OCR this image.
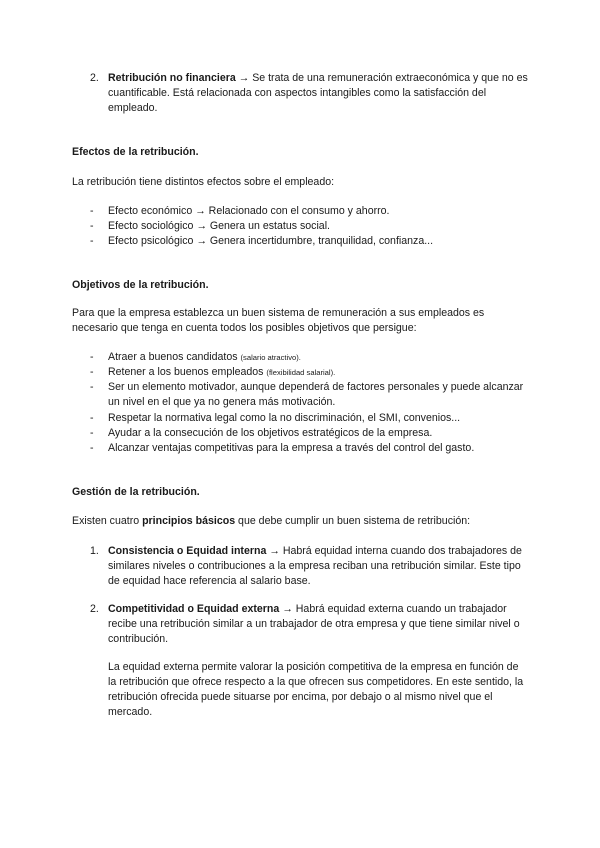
2. Retribución no financiera → Se trata de una remuneración extraeconómica y que no es cuantificable. Está relacionada con aspectos intangibles como la satisfacción del empleado.

Efectos de la retribución.

La retribución tiene distintos efectos sobre el empleado:

- Efecto económico → Relacionado con el consumo y ahorro.

- Efecto sociológico → Genera un estatus social.

- Efecto psicológico → Genera incertidumbre, tranquilidad, confianza...

Objetivos de la retribución.

Para que la empresa establezca un buen sistema de remuneración a sus empleados es necesario que tenga en cuenta todos los posibles objetivos que persigue:

- Atraer a buenos candidatos (salario atractivo).

- Retener a los buenos empleados (flexibilidad salarial).

- Ser un elemento motivador, aunque dependerá de factores personales y puede alcanzar un nivel en el que ya no genera más motivación.

- Respetar la normativa legal como la no discriminación, el SMI, convenios...

- Ayudar a la consecución de los objetivos estratégicos de la empresa.

- Alcanzar ventajas competitivas para la empresa a través del control del gasto.

Gestión de la retribución.

Existen cuatro principios básicos que debe cumplir un buen sistema de retribución:

1. Consistencia o Equidad interna → Habrá equidad interna cuando dos trabajadores de similares niveles o contribuciones a la empresa reciban una retribución similar. Este tipo de equidad hace referencia al salario base.

2. Competitividad o Equidad externa → Habrá equidad externa cuando un trabajador recibe una retribución similar a un trabajador de otra empresa y que tiene similar nivel o contribución.

La equidad externa permite valorar la posición competitiva de la empresa en función de la retribución que ofrece respecto a la que ofrecen sus competidores. En este sentido, la retribución ofrecida puede situarse por encima, por debajo o al mismo nivel que el mercado.
